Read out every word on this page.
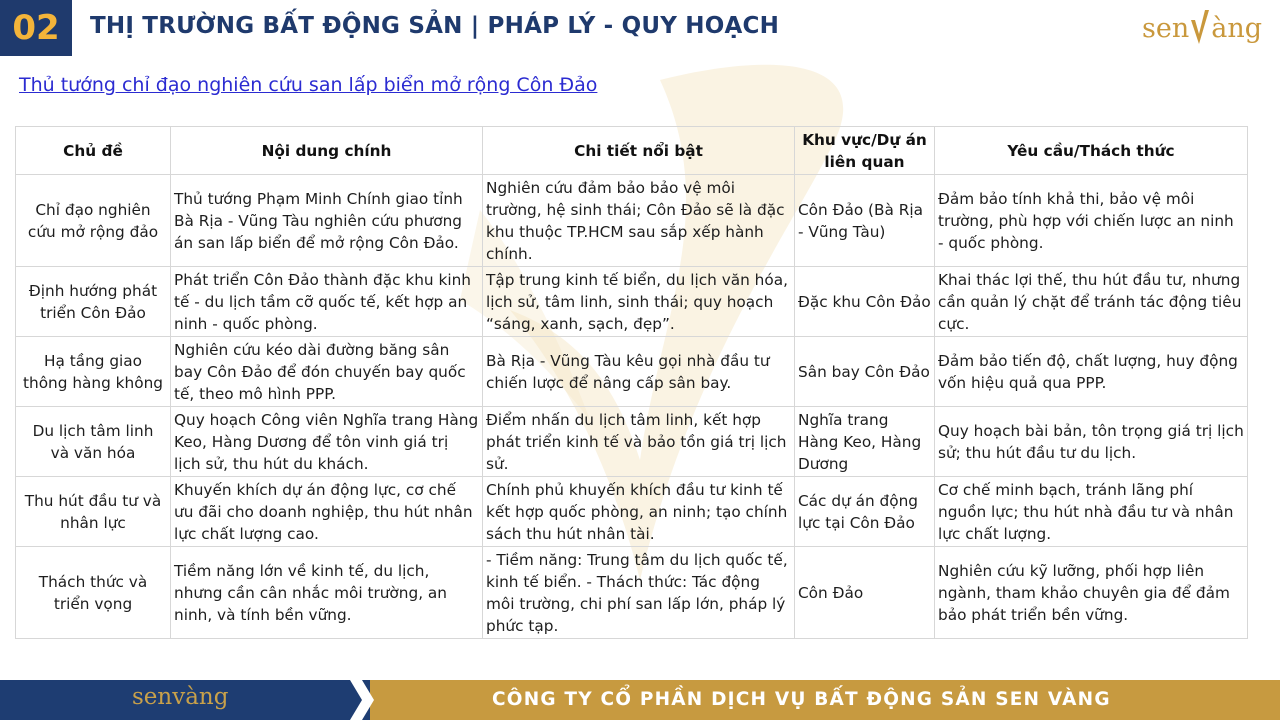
02	THỊ TRƯỜNG BẤT ĐỘNG SẢN | PHÁP LÝ - QUY HOẠCH	sen àng
Thủ tướng chỉ đạo nghiên cứu san lấp biển mở rộng Côn Đảo
Chủ đề	Nội dung chính	Chi tiết nổi bật	Khu vực/Dự án liên quan	Yêu cầu/Thách thức
Chỉ đạo nghiên cứu mở rộng đảo	Thủ tướng Phạm Minh Chính giao tỉnh Bà Rịa - Vũng Tàu nghiên cứu phương án san lấp biển để mở rộng Côn Đảo.	Nghiên cứu đảm bảo bảo vệ môi trường, hệ sinh thái; Côn Đảo sẽ là đặc khu thuộc TP.HCM sau sắp xếp hành chính.	Côn Đảo (Bà Rịa - Vũng Tàu)	Đảm bảo tính khả thi, bảo vệ môi trường, phù hợp với chiến lược an ninh - quốc phòng.
Định hướng phát triển Côn Đảo	Phát triển Côn Đảo thành đặc khu kinh tế - du lịch tầm cỡ quốc tế, kết hợp an ninh - quốc phòng.	Tập trung kinh tế biển, du lịch văn hóa, lịch sử, tâm linh, sinh thái; quy hoạch “sáng, xanh, sạch, đẹp”.	Đặc khu Côn Đảo	Khai thác lợi thế, thu hút đầu tư, nhưng cần quản lý chặt để tránh tác động tiêu cực.
Hạ tầng giao thông hàng không	Nghiên cứu kéo dài đường băng sân bay Côn Đảo để đón chuyến bay quốc tế, theo mô hình PPP.	Bà Rịa - Vũng Tàu kêu gọi nhà đầu tư chiến lược để nâng cấp sân bay.	Sân bay Côn Đảo	Đảm bảo tiến độ, chất lượng, huy động vốn hiệu quả qua PPP.
Du lịch tâm linh và văn hóa	Quy hoạch Công viên Nghĩa trang Hàng Keo, Hàng Dương để tôn vinh giá trị lịch sử, thu hút du khách.	Điểm nhấn du lịch tâm linh, kết hợp phát triển kinh tế và bảo tồn giá trị lịch sử.	Nghĩa trang Hàng Keo, Hàng Dương	Quy hoạch bài bản, tôn trọng giá trị lịch sử; thu hút đầu tư du lịch.
Thu hút đầu tư và nhân lực	Khuyến khích dự án động lực, cơ chế ưu đãi cho doanh nghiệp, thu hút nhân lực chất lượng cao.	Chính phủ khuyến khích đầu tư kinh tế kết hợp quốc phòng, an ninh; tạo chính sách thu hút nhân tài.	Các dự án động lực tại Côn Đảo	Cơ chế minh bạch, tránh lãng phí nguồn lực; thu hút nhà đầu tư và nhân lực chất lượng.
Thách thức và triển vọng	Tiềm năng lớn về kinh tế, du lịch, nhưng cần cân nhắc môi trường, an ninh, và tính bền vững.	- Tiềm năng: Trung tâm du lịch quốc tế, kinh tế biển. - Thách thức: Tác động môi trường, chi phí san lấp lớn, pháp lý phức tạp.	Côn Đảo	Nghiên cứu kỹ lưỡng, phối hợp liên ngành, tham khảo chuyên gia để đảm bảo phát triển bền vững.
senvàng	CÔNG TY CỔ PHẦN DỊCH VỤ BẤT ĐỘNG SẢN SEN VÀNG
